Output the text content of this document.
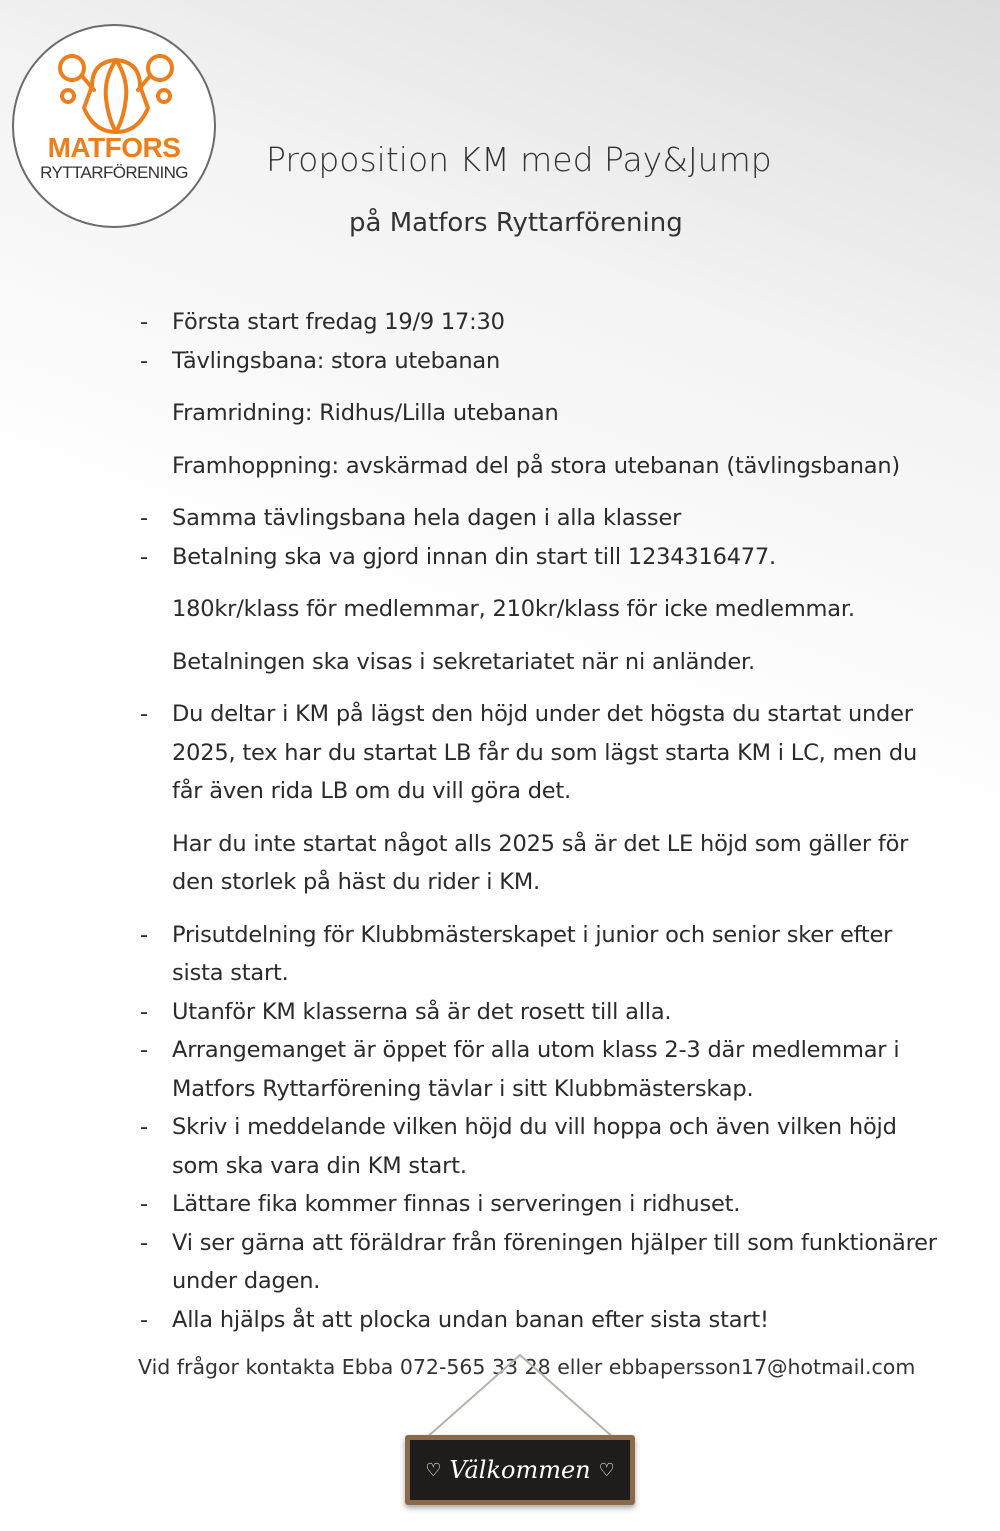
MATFORS
RYTTARFÖRENING	Proposition KM med Pay&Jump
på Matfors Ryttarförening
- Första start fredag 19/9 17:30
- Tävlingsbana: stora utebanan
Framridning: Ridhus/Lilla utebanan
Framhoppning: avskärmad del på stora utebanan (tävlingsbanan)
- Samma tävlingsbana hela dagen i alla klasser
- Betalning ska va gjord innan din start till 1234316477.
180kr/klass för medlemmar, 210kr/klass för icke medlemmar.
Betalningen ska visas i sekretariatet när ni anländer.
- Du deltar i KM på lägst den höjd under det högsta du startat under 2025, tex har du startat LB får du som lägst starta KM i LC, men du får även rida LB om du vill göra det.
Har du inte startat något alls 2025 så är det LE höjd som gäller för den storlek på häst du rider i KM.
- Prisutdelning för Klubbmästerskapet i junior och senior sker efter sista start.
- Utanför KM klasserna så är det rosett till alla.
- Arrangemanget är öppet för alla utom klass 2-3 där medlemmar i Matfors Ryttarförening tävlar i sitt Klubbmästerskap.
- Skriv i meddelande vilken höjd du vill hoppa och även vilken höjd som ska vara din KM start.
- Lättare fika kommer finnas i serveringen i ridhuset.
- Vi ser gärna att föräldrar från föreningen hjälper till som funktionärer under dagen.
- Alla hjälps åt att plocka undan banan efter sista start!
Vid frågor kontakta Ebba 072-565 33 28 eller ebbapersson17@hotmail.com
♡ Välkommen ♡
